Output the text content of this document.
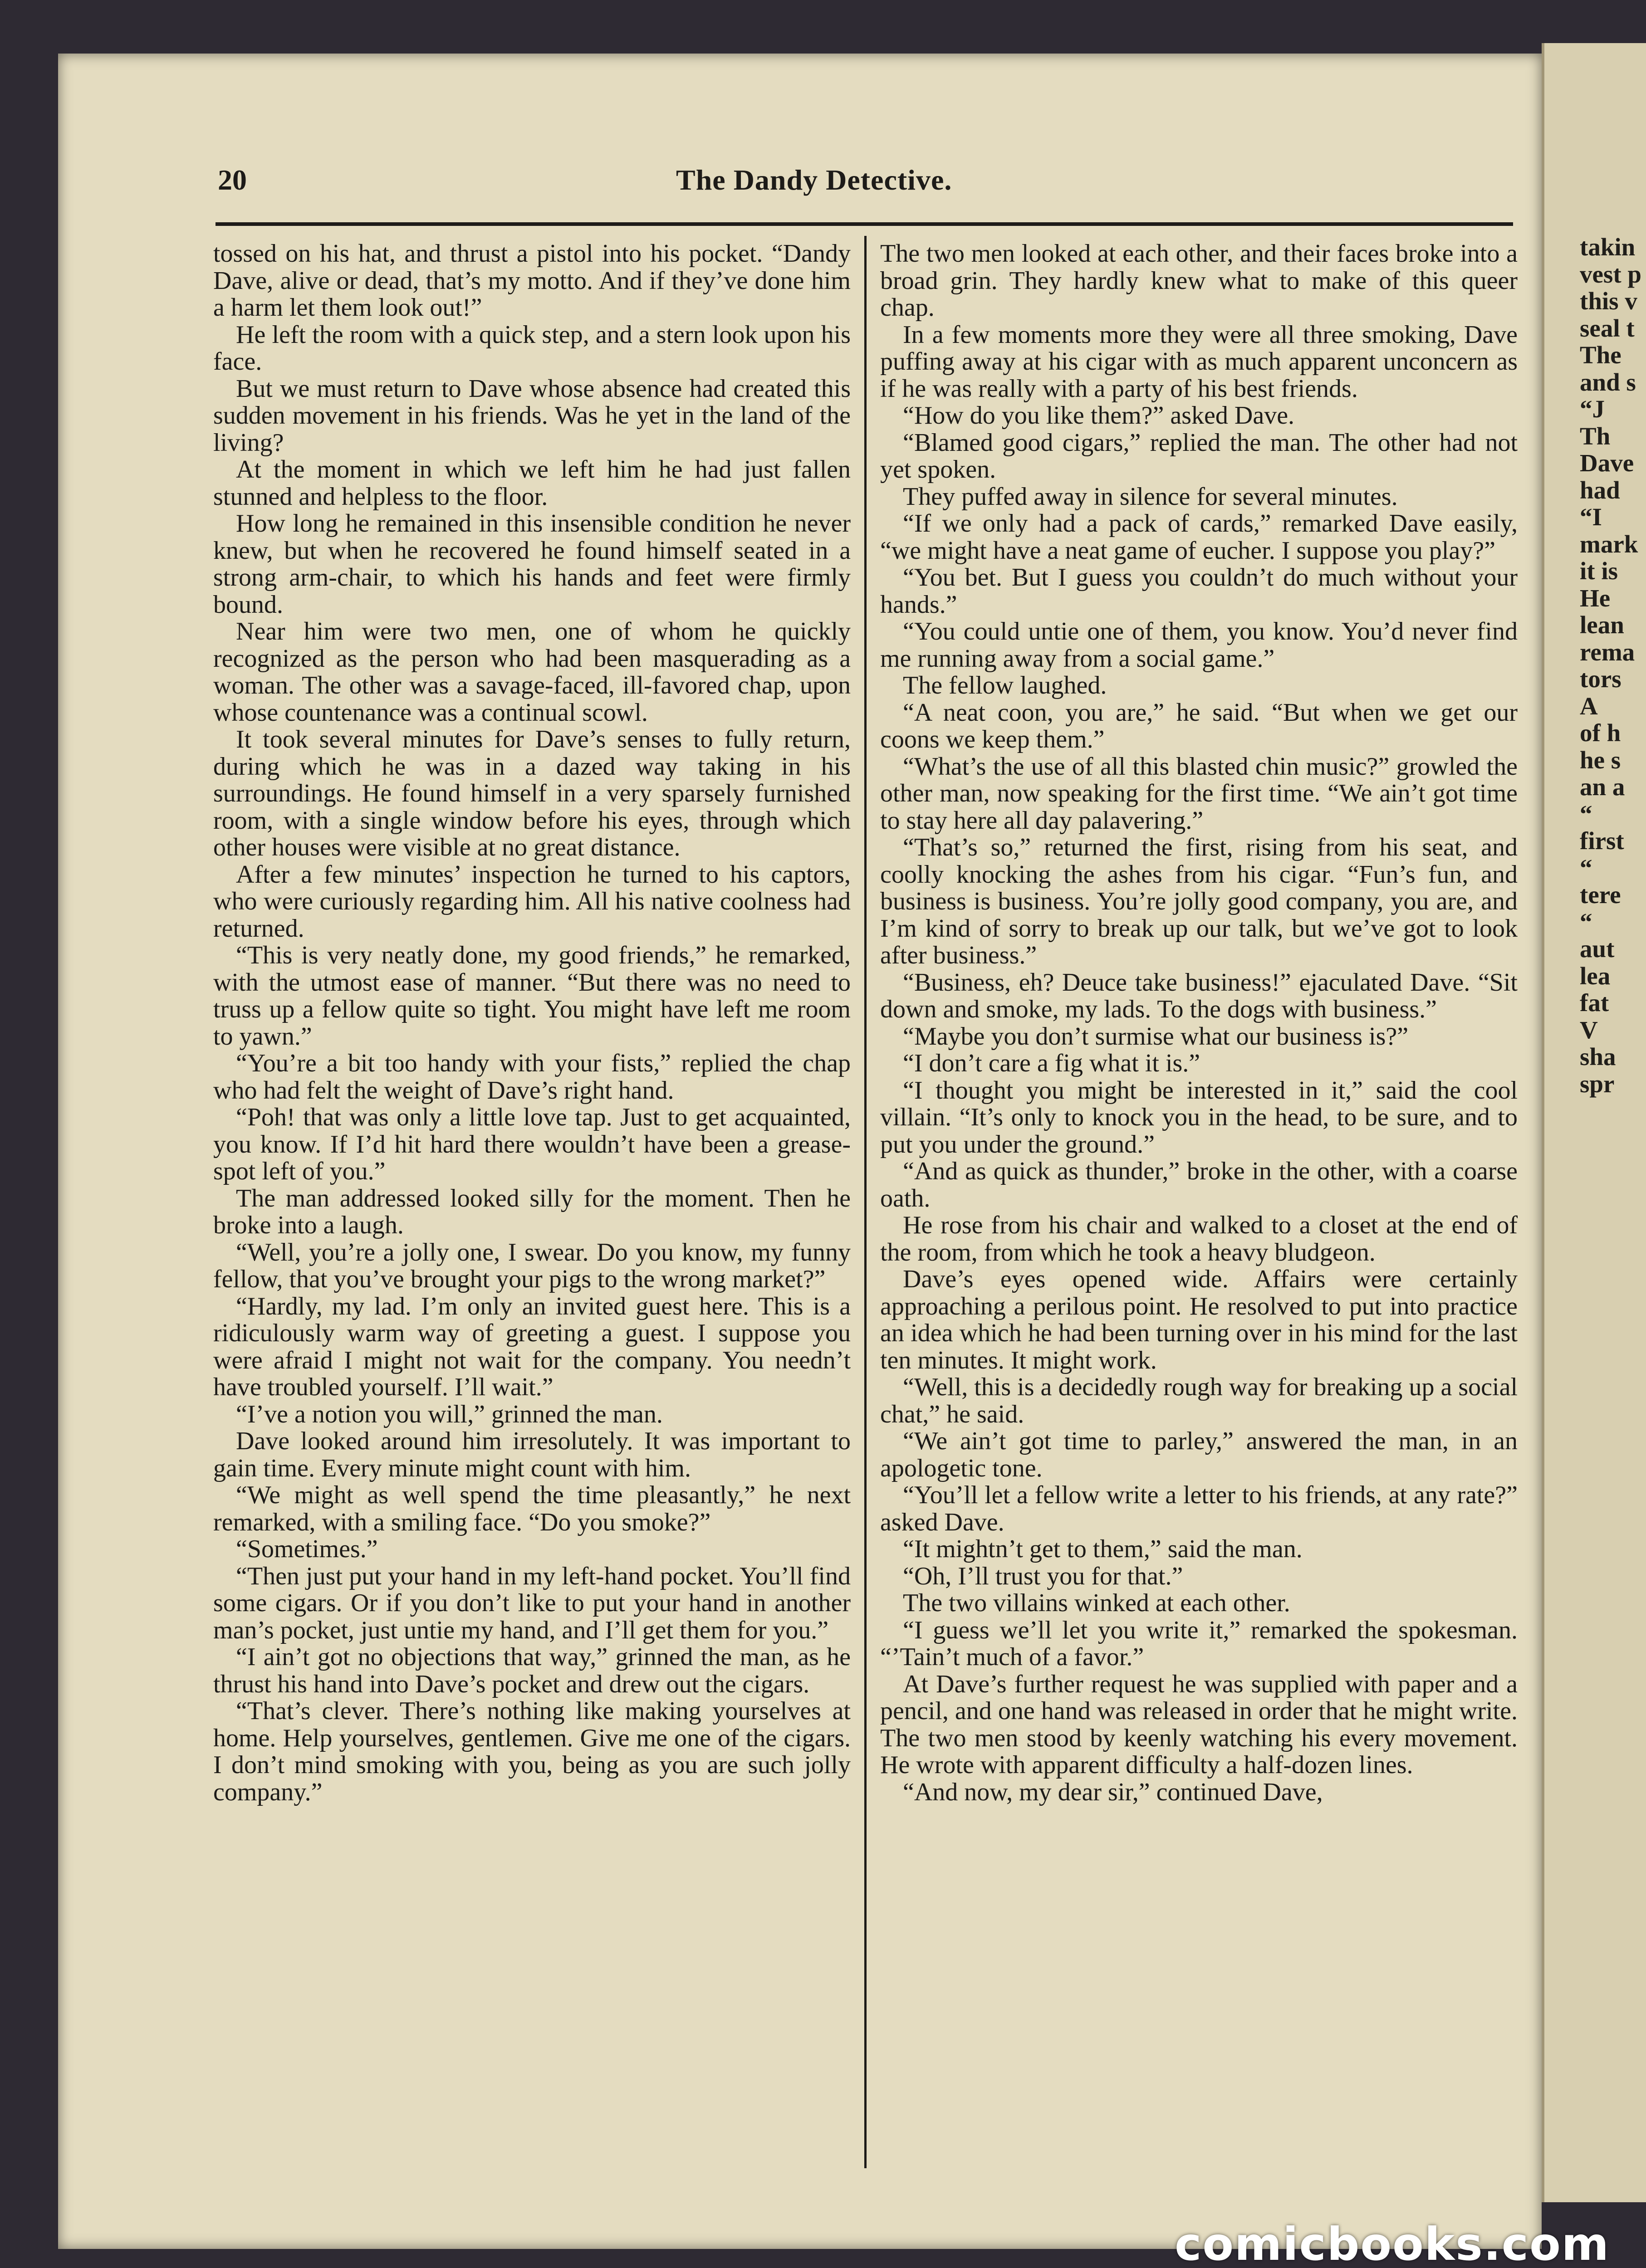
takin
vest p
this v
seal t
The
and s
“J
Th
Dave
had
“I
mark
it is
He
lean
rema
tors
A
of h
he s
an a
“
first
“
tere
“
aut
lea
fat
V
sha
spr
20	The Dandy Detective.

tossed on his hat, and thrust a pistol into his pocket. “Dandy Dave, alive or dead, that’s my motto. And if they’ve done him a harm let them look out!”

He left the room with a quick step, and a stern look upon his face.

But we must return to Dave whose absence had created this sudden movement in his friends. Was he yet in the land of the living?

At the moment in which we left him he had just fallen stunned and helpless to the floor.

How long he remained in this insensible condition he never knew, but when he recovered he found himself seated in a strong arm-chair, to which his hands and feet were firmly bound.

Near him were two men, one of whom he quickly recognized as the person who had been masquerading as a woman. The other was a savage-faced, ill-favored chap, upon whose countenance was a continual scowl.

It took several minutes for Dave’s senses to fully return, during which he was in a dazed way taking in his surroundings. He found himself in a very sparsely furnished room, with a single window before his eyes, through which other houses were visible at no great distance.

After a few minutes’ inspection he turned to his captors, who were curiously regarding him. All his native coolness had returned.

“This is very neatly done, my good friends,” he remarked, with the utmost ease of manner. “But there was no need to truss up a fellow quite so tight. You might have left me room to yawn.”

“You’re a bit too handy with your fists,” replied the chap who had felt the weight of Dave’s right hand.

“Poh! that was only a little love tap. Just to get acquainted, you know. If I’d hit hard there wouldn’t have been a grease-spot left of you.”

The man addressed looked silly for the moment. Then he broke into a laugh.

“Well, you’re a jolly one, I swear. Do you know, my funny fellow, that you’ve brought your pigs to the wrong market?”

“Hardly, my lad. I’m only an invited guest here. This is a ridiculously warm way of greeting a guest. I suppose you were afraid I might not wait for the company. You needn’t have troubled yourself. I’ll wait.”

“I’ve a notion you will,” grinned the man.

Dave looked around him irresolutely. It was important to gain time. Every minute might count with him.

“We might as well spend the time pleasantly,” he next remarked, with a smiling face. “Do you smoke?”

“Sometimes.”

“Then just put your hand in my left-hand pocket. You’ll find some cigars. Or if you don’t like to put your hand in another man’s pocket, just untie my hand, and I’ll get them for you.”

“I ain’t got no objections that way,” grinned the man, as he thrust his hand into Dave’s pocket and drew out the cigars.

“That’s clever. There’s nothing like making yourselves at home. Help yourselves, gentlemen. Give me one of the cigars. I don’t mind smoking with you, being as you are such jolly company.”

The two men looked at each other, and their faces broke into a broad grin. They hardly knew what to make of this queer chap.

In a few moments more they were all three smoking, Dave puffing away at his cigar with as much apparent unconcern as if he was really with a party of his best friends.

“How do you like them?” asked Dave.

“Blamed good cigars,” replied the man. The other had not yet spoken.

They puffed away in silence for several minutes.

“If we only had a pack of cards,” remarked Dave easily, “we might have a neat game of eucher. I suppose you play?”

“You bet. But I guess you couldn’t do much without your hands.”

“You could untie one of them, you know. You’d never find me running away from a social game.”

The fellow laughed.

“A neat coon, you are,” he said. “But when we get our coons we keep them.”

“What’s the use of all this blasted chin music?” growled the other man, now speaking for the first time. “We ain’t got time to stay here all day palavering.”

“That’s so,” returned the first, rising from his seat, and coolly knocking the ashes from his cigar. “Fun’s fun, and business is business. You’re jolly good company, you are, and I’m kind of sorry to break up our talk, but we’ve got to look after business.”

“Business, eh? Deuce take business!” ejaculated Dave. “Sit down and smoke, my lads. To the dogs with business.”

“Maybe you don’t surmise what our business is?”

“I don’t care a fig what it is.”

“I thought you might be interested in it,” said the cool villain. “It’s only to knock you in the head, to be sure, and to put you under the ground.”

“And as quick as thunder,” broke in the other, with a coarse oath.

He rose from his chair and walked to a closet at the end of the room, from which he took a heavy bludgeon.

Dave’s eyes opened wide. Affairs were certainly approaching a perilous point. He resolved to put into practice an idea which he had been turning over in his mind for the last ten minutes. It might work.

“Well, this is a decidedly rough way for breaking up a social chat,” he said.

“We ain’t got time to parley,” answered the man, in an apologetic tone.

“You’ll let a fellow write a letter to his friends, at any rate?” asked Dave.

“It mightn’t get to them,” said the man.

“Oh, I’ll trust you for that.”

The two villains winked at each other.

“I guess we’ll let you write it,” remarked the spokesman. “’Tain’t much of a favor.”

At Dave’s further request he was supplied with paper and a pencil, and one hand was released in order that he might write. The two men stood by keenly watching his every movement. He wrote with apparent difficulty a half-dozen lines.

“And now, my dear sir,” continued Dave,

comicbooks.com
